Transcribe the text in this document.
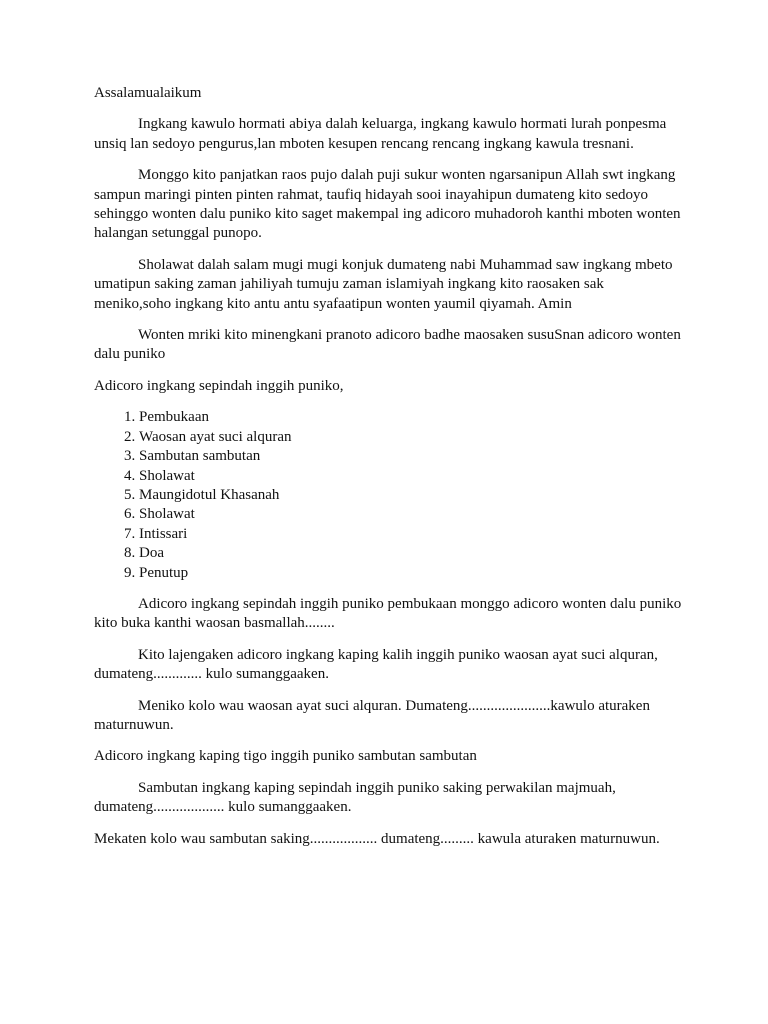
Assalamualaikum

Ingkang kawulo hormati abiya dalah keluarga, ingkang kawulo hormati lurah ponpesma unsiq lan sedoyo pengurus,lan mboten kesupen rencang rencang ingkang kawula tresnani.

Monggo kito panjatkan raos pujo dalah puji sukur wonten ngarsanipun Allah swt ingkang sampun maringi pinten pinten rahmat, taufiq hidayah sooi inayahipun dumateng kito sedoyo sehinggo wonten dalu puniko kito saget makempal ing adicoro muhadoroh kanthi mboten wonten halangan setunggal punopo.

Sholawat dalah salam mugi mugi konjuk dumateng nabi Muhammad saw ingkang mbeto umatipun saking zaman jahiliyah tumuju zaman islamiyah ingkang kito raosaken sak meniko,soho ingkang kito antu antu syafaatipun wonten yaumil qiyamah. Amin

Wonten mriki kito minengkani pranoto adicoro badhe maosaken susuSnan adicoro wonten dalu puniko

Adicoro ingkang sepindah inggih puniko,

1. Pembukaan
2. Waosan ayat suci alquran
3. Sambutan sambutan
4. Sholawat
5. Maungidotul Khasanah
6. Sholawat
7. Intissari
8. Doa
9. Penutup

Adicoro ingkang sepindah inggih puniko pembukaan monggo adicoro wonten dalu puniko kito buka kanthi waosan basmallah........

Kito lajengaken adicoro ingkang kaping kalih inggih puniko waosan ayat suci alquran, dumateng............. kulo sumanggaaken.

Meniko kolo wau waosan ayat suci alquran. Dumateng......................kawulo aturaken maturnuwun.

Adicoro ingkang kaping tigo inggih puniko sambutan sambutan

Sambutan ingkang kaping sepindah inggih puniko saking perwakilan majmuah, dumateng................... kulo sumanggaaken.

Mekaten kolo wau sambutan saking.................. dumateng......... kawula aturaken maturnuwun.
